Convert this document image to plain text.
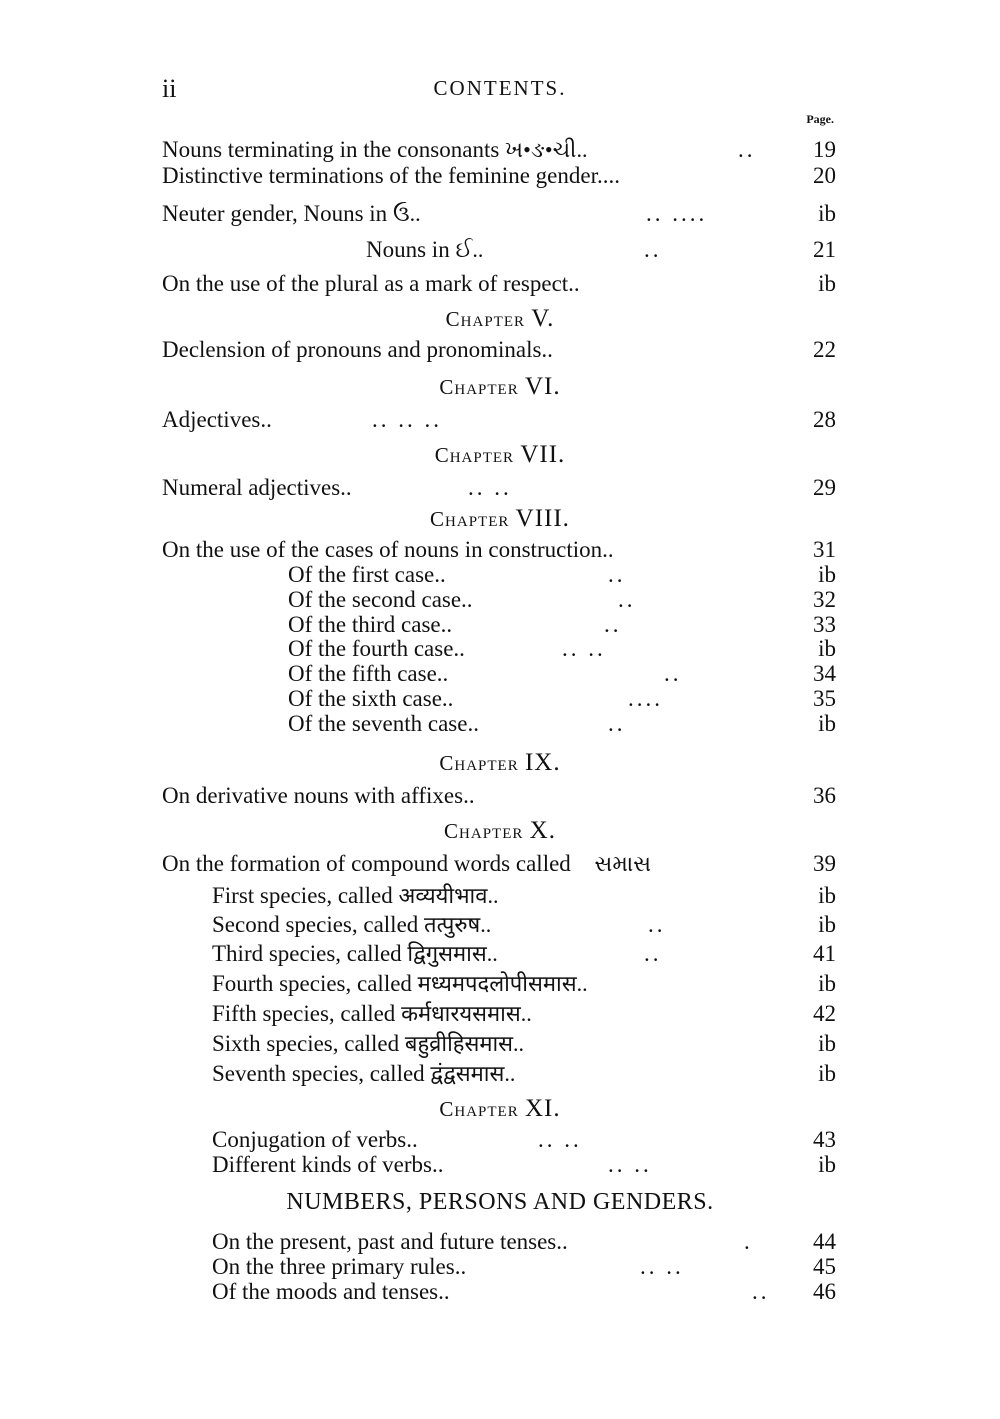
ii	CONTENTS.
Page.
Nouns terminating in the consonants ખ•ઙ•ચી..	..	19
Distinctive terminations of the feminine gender....	20
Neuter gender, Nouns in ઉ..	.. ....	ib
Nouns in ઈ..	..	21
On the use of the plural as a mark of respect..	ib
Chapter V.
Declension of pronouns and pronominals..	22
Chapter VI.
Adjectives..	.. .. ..	28
Chapter VII.
Numeral adjectives..	.. ..	29
Chapter VIII.
On the use of the cases of nouns in construction..	31
Of the first case..	..	ib
Of the second case..	..	32
Of the third case..	..	33
Of the fourth case..	.. ..	ib
Of the fifth case..	..	34
Of the sixth case..	....	35
Of the seventh case..	..	ib
Chapter IX.
On derivative nouns with affixes..	36
Chapter X.
On the formation of compound words called સમાસ	39
First species, called अव्ययीभाव..	ib
Second species, called तत्पुरुष..	..	ib
Third species, called द्विगुसमास..	..	41
Fourth species, called मध्यमपदलोपीसमास..	ib
Fifth species, called कर्मधारयसमास..	42
Sixth species, called बहुव्रीहिसमास..	ib
Seventh species, called द्वंद्वसमास..	ib
Chapter XI.
Conjugation of verbs..	.. ..	43
Different kinds of verbs..	.. ..	ib
NUMBERS, PERSONS AND GENDERS.
On the present, past and future tenses..	.	44
On the three primary rules..	.. ..	45
Of the moods and tenses..	..	46
